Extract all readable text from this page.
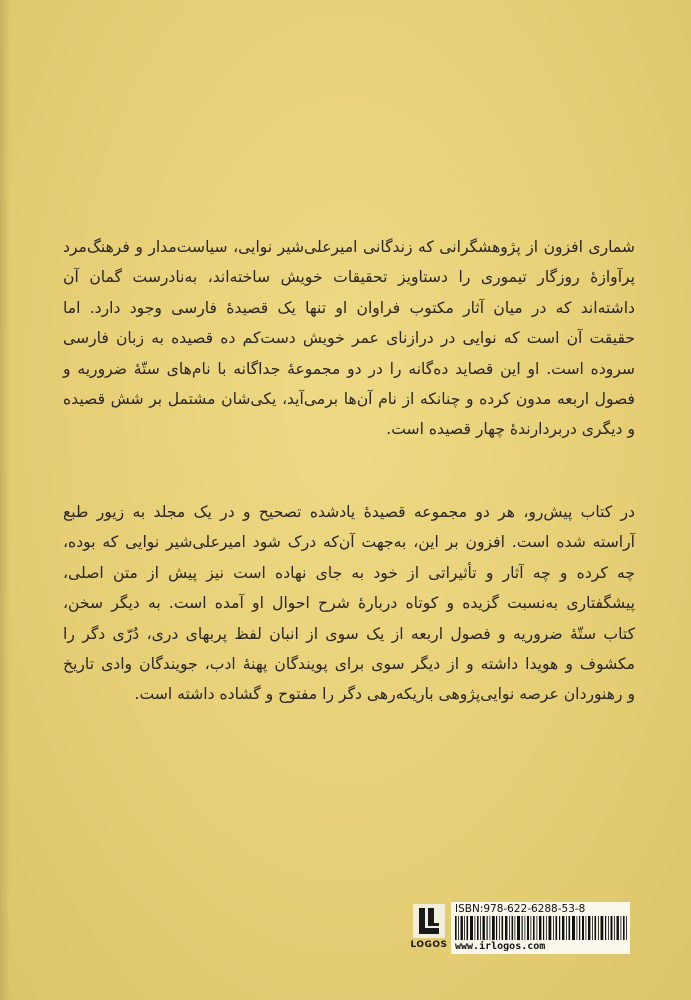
شماری افزون از پژوهشگرانی که زندگانی امیرعلی‌شیر نوایی، سیاست‌مدار و فرهنگ‌مرد
پرآوازهٔ روزگار تیموری را دستاویز تحقیقات خویش ساخته‌اند، به‌نادرست گمان آن
داشته‌اند که در میان آثار مکتوب فراوان او تنها یک قصیدهٔ فارسی وجود دارد. اما
حقیقت آن است که نوایی در درازنای عمر خویش دست‌کم ده قصیده به زبان فارسی
سروده است. او این قصاید ده‌گانه را در دو مجموعهٔ جداگانه با نام‌های ستّهٔ ضروریه و
فصول اربعه مدون کرده و چنانکه از نام آن‌ها برمی‌آید، یکی‌شان مشتمل بر شش قصیده
و دیگری دربردارندهٔ چهار قصیده است.
در کتاب پیش‌رو، هر دو مجموعه قصیدهٔ یادشده تصحیح و در یک مجلد به زیور طبع
آراسته شده است. افزون بر این، به‌جهت آن‌که درک شود امیرعلی‌شیر نوایی که بوده،
چه کرده و چه آثار و تأثیراتی از خود به جای نهاده است نیز پیش از متن اصلی،
پیشگفتاری به‌نسبت گزیده و کوتاه دربارهٔ شرح احوال او آمده است. به دیگر سخن،
کتاب ستّهٔ ضروریه و فصول اربعه از یک سوی از انبان لفظ پربهای دری، دُرّی دگر را
مکشوف و هویدا داشته و از دیگر سوی برای پویندگان پهنهٔ ادب، جویندگان وادی تاریخ
و رهنوردان عرصه نوایی‌پژوهی باریکه‌رهی دگر را مفتوح و گشاده داشته است.
LOGOS
ISBN:978-622-6288-53-8
www.irlogos.com
